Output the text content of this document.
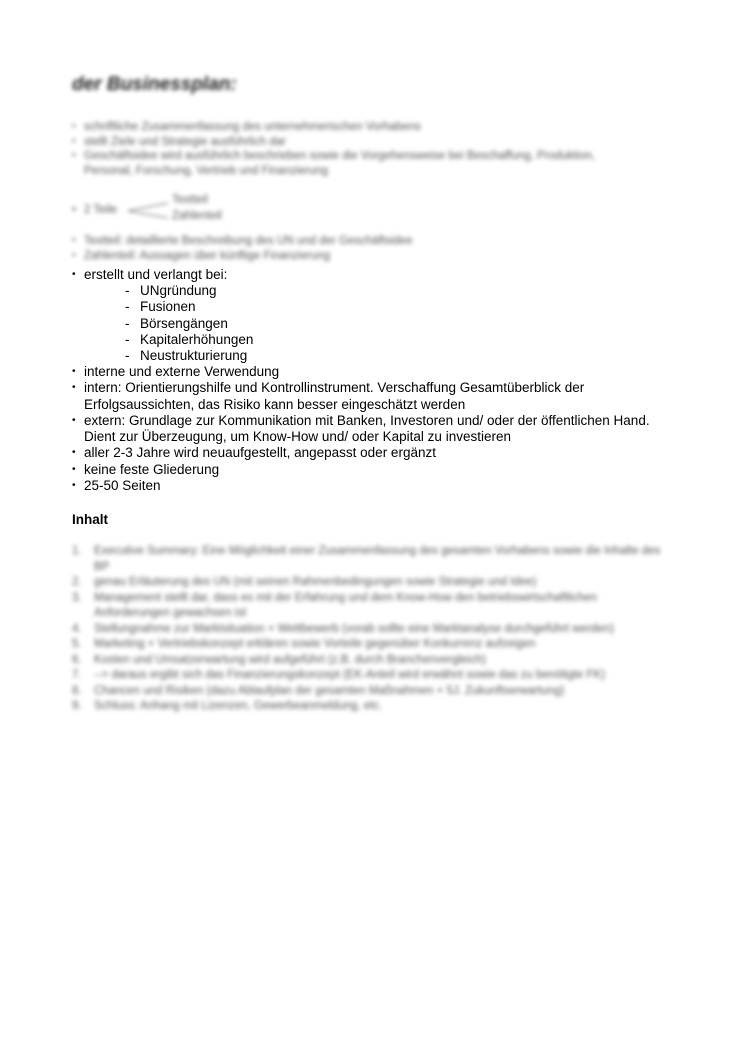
der Businessplan:
• schriftliche Zusammenfassung des unternehmerischen Vorhabens
• stellt Ziele und Strategie ausführlich dar
• Geschäftsidee wird ausführlich beschrieben sowie die Vorgehensweise bei Beschaffung, Produktion, Personal, Forschung, Vertrieb und Finanzierung
• 2 Teile
Textteil
Zahlenteil
• Textteil: detaillierte Beschreibung des UN und der Geschäftsidee
• Zahlenteil: Aussagen über künftige Finanzierung
• erstellt und verlangt bei:
- UNgründung
- Fusionen
- Börsengängen
- Kapitalerhöhungen
- Neustrukturierung
• interne und externe Verwendung
• intern: Orientierungshilfe und Kontrollinstrument. Verschaffung Gesamtüberblick der Erfolgsaussichten, das Risiko kann besser eingeschätzt werden
• extern: Grundlage zur Kommunikation mit Banken, Investoren und/ oder der öffentlichen Hand. Dient zur Überzeugung, um Know-How und/ oder Kapital zu investieren
• aller 2-3 Jahre wird neuaufgestellt, angepasst oder ergänzt
• keine feste Gliederung
• 25-50 Seiten
Inhalt
1. Executive Summary: Eine Möglichkeit einer Zusammenfassung des gesamten Vorhabens sowie die Inhalte des BP
2. genau Erläuterung des UN (mit seinen Rahmenbedingungen sowie Strategie und Idee)
3. Management stellt dar, dass es mit der Erfahrung und dem Know-How den betriebswirtschaftlichen Anforderungen gewachsen ist
4. Stellungnahme zur Marktsituation + Wettbewerb (vorab sollte eine Marktanalyse durchgeführt werden)
5. Marketing + Vertriebskonzept erklären sowie Vorteile gegenüber Konkurrenz aufzeigen
6. Kosten und Umsatzerwartung wird aufgeführt (z.B. durch Branchenvergleich)
7. --> daraus ergibt sich das Finanzierungskonzept (EK-Anteil wird erwähnt sowie das zu benötigte FK)
8. Chancen und Risiken (dazu Ablaufplan der gesamten Maßnahmen + 5J. Zukunftserwartung)
9. Schluss: Anhang mit Lizenzen, Gewerbeanmeldung, etc.
